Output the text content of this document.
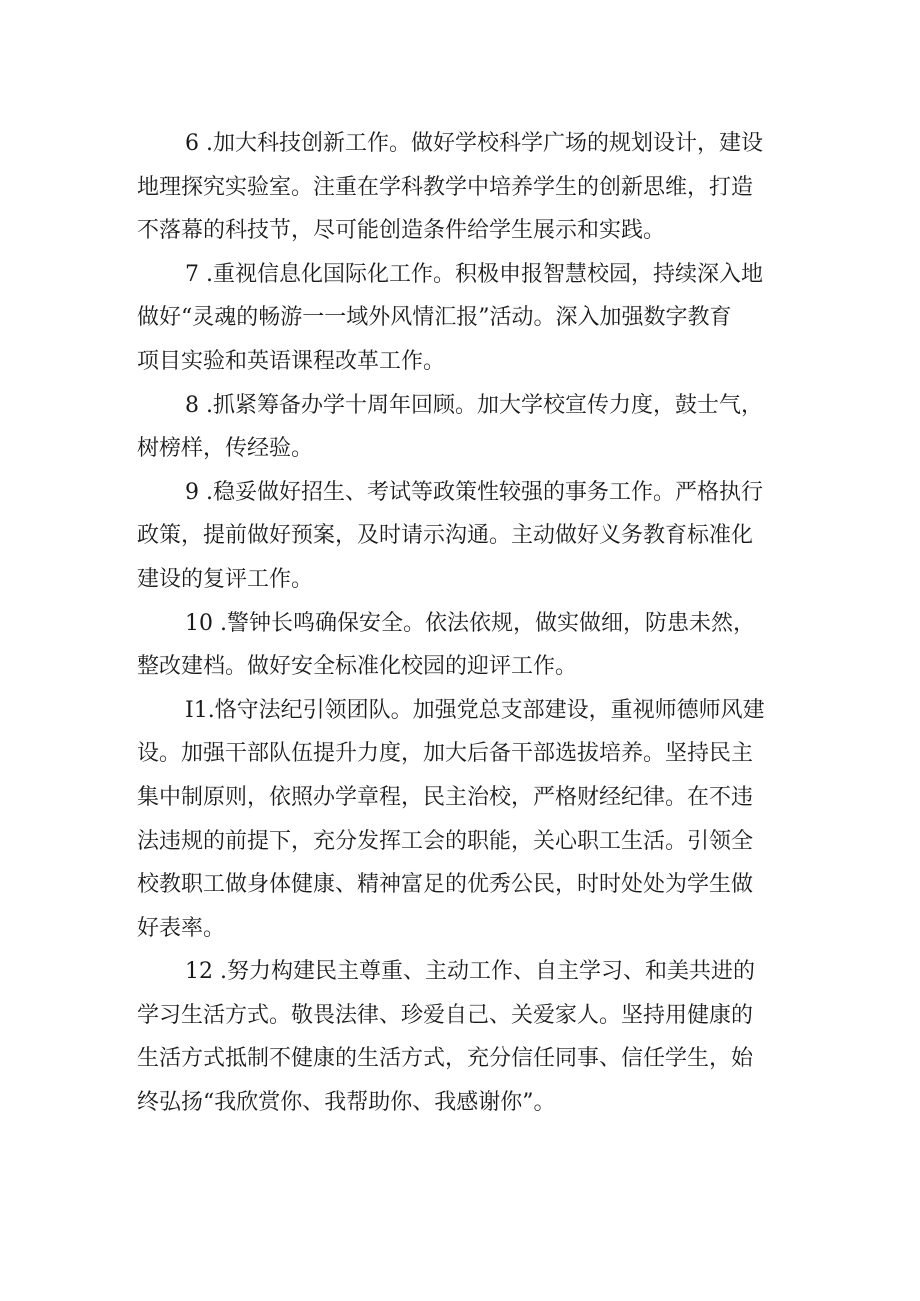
6 .加大科技创新工作。做好学校科学广场的规划设计，建设
地理探究实验室。注重在学科教学中培养学生的创新思维，打造
不落幕的科技节，尽可能创造条件给学生展示和实践。
7 .重视信息化国际化工作。积极申报智慧校园，持续深入地
做好“灵魂的畅游一一域外风情汇报”活动。深入加强数字教育
项目实验和英语课程改革工作。
8 .抓紧筹备办学十周年回顾。加大学校宣传力度，鼓士气，
树榜样，传经验。
9 .稳妥做好招生、考试等政策性较强的事务工作。严格执行
政策，提前做好预案，及时请示沟通。主动做好义务教育标准化
建设的复评工作。
10 .警钟长鸣确保安全。依法依规，做实做细，防患未然，
整改建档。做好安全标准化校园的迎评工作。
I1.恪守法纪引领团队。加强党总支部建设，重视师德师风建
设。加强干部队伍提升力度，加大后备干部选拔培养。坚持民主
集中制原则，依照办学章程，民主治校，严格财经纪律。在不违
法违规的前提下，充分发挥工会的职能，关心职工生活。引领全
校教职工做身体健康、精神富足的优秀公民，时时处处为学生做
好表率。
12 .努力构建民主尊重、主动工作、自主学习、和美共进的
学习生活方式。敬畏法律、珍爱自己、关爱家人。坚持用健康的
生活方式抵制不健康的生活方式，充分信任同事、信任学生，始
终弘扬“我欣赏你、我帮助你、我感谢你”。
